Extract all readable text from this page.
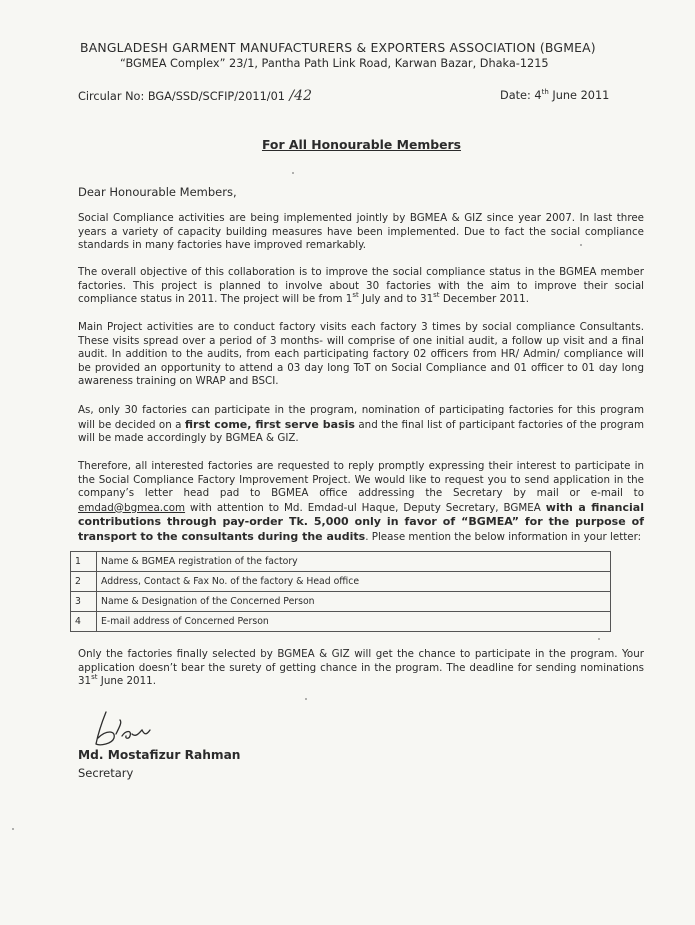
BANGLADESH GARMENT MANUFACTURERS & EXPORTERS ASSOCIATION (BGMEA)
“BGMEA Complex” 23/1, Pantha Path Link Road, Karwan Bazar, Dhaka-1215
Circular No: BGA/SSD/SCFIP/2011/01 /42	Date: 4th June 2011
For All Honourable Members
Dear Honourable Members,
Social Compliance activities are being implemented jointly by BGMEA & GIZ since year 2007. In last three years a variety of capacity building measures have been implemented. Due to fact the social compliance standards in many factories have improved remarkably.
The overall objective of this collaboration is to improve the social compliance status in the BGMEA member factories. This project is planned to involve about 30 factories with the aim to improve their social compliance status in 2011. The project will be from 1st July and to 31st December 2011.
Main Project activities are to conduct factory visits each factory 3 times by social compliance Consultants. These visits spread over a period of 3 months- will comprise of one initial audit, a follow up visit and a final audit. In addition to the audits, from each participating factory 02 officers from HR/ Admin/ compliance will be provided an opportunity to attend a 03 day long ToT on Social Compliance and 01 officer to 01 day long awareness training on WRAP and BSCI.
As, only 30 factories can participate in the program, nomination of participating factories for this program will be decided on a first come, first serve basis and the final list of participant factories of the program will be made accordingly by BGMEA & GIZ.
Therefore, all interested factories are requested to reply promptly expressing their interest to participate in the Social Compliance Factory Improvement Project. We would like to request you to send application in the company’s letter head pad to BGMEA office addressing the Secretary by mail or e-mail to emdad@bgmea.com with attention to Md. Emdad-ul Haque, Deputy Secretary, BGMEA with a financial contributions through pay-order Tk. 5,000 only in favor of “BGMEA” for the purpose of transport to the consultants during the audits. Please mention the below information in your letter:
1	Name & BGMEA registration of the factory
2	Address, Contact & Fax No. of the factory & Head office
3	Name & Designation of the Concerned Person
4	E-mail address of Concerned Person
Only the factories finally selected by BGMEA & GIZ will get the chance to participate in the program. Your application doesn’t bear the surety of getting chance in the program. The deadline for sending nominations 31st June 2011.
Md. Mostafizur Rahman
Secretary
